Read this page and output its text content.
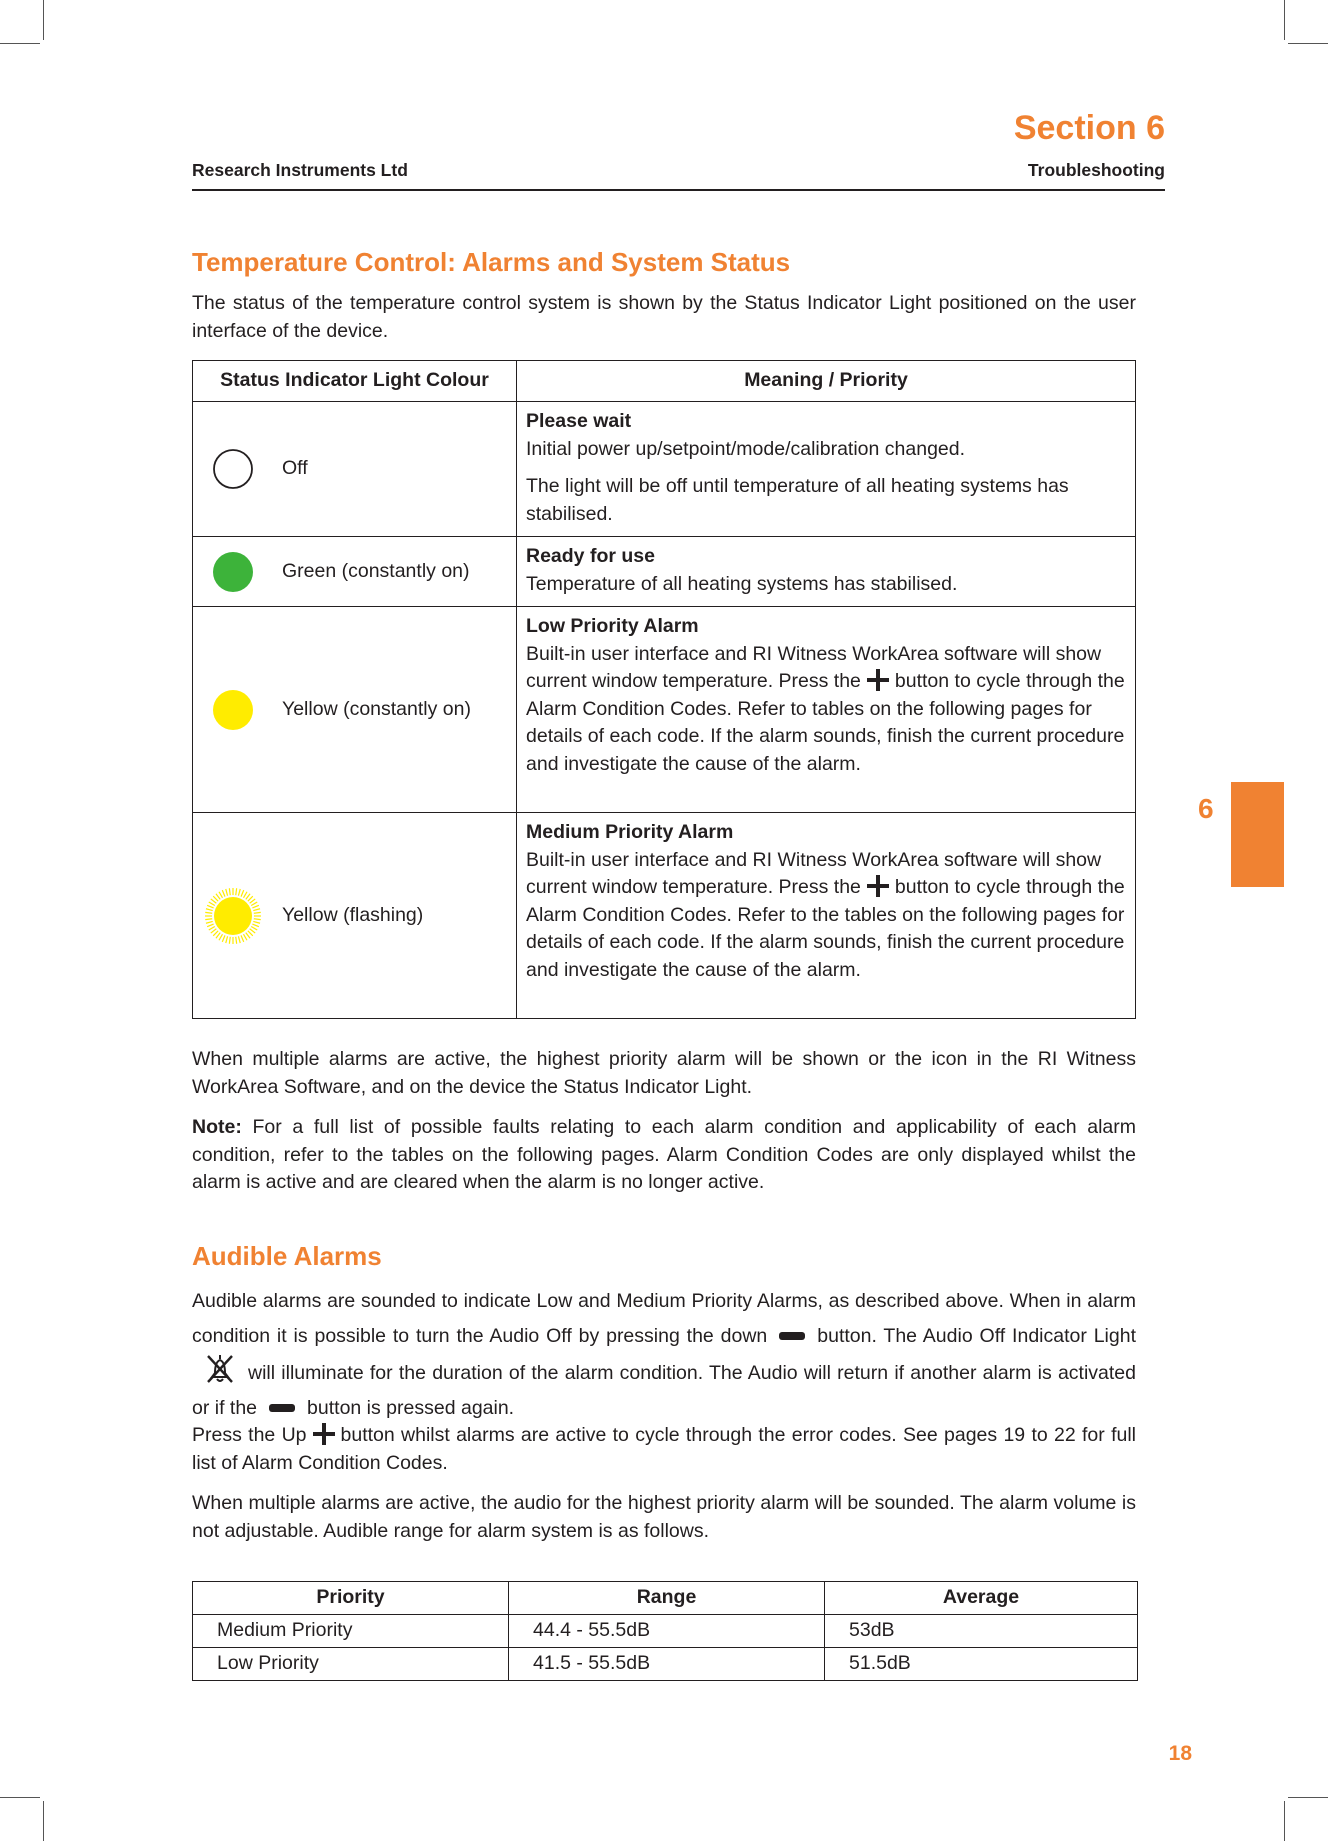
Research Instruments Ltd
Section 6
Troubleshooting
Temperature Control: Alarms and System Status
The status of the temperature control system is shown by the Status Indicator Light positioned on the user interface of the device.
Status Indicator Light Colour	Meaning / Priority

Off	Please wait
Initial power up/setpoint/mode/calibration changed.
The light will be off until temperature of all heating systems has stabilised.

Green (constantly on)	Ready for use
Temperature of all heating systems has stabilised.

Yellow (constantly on)	Low Priority Alarm
Built-in user interface and RI Witness WorkArea software will show current window temperature. Press the button to cycle through the Alarm Condition Codes. Refer to tables on the following pages for details of each code. If the alarm sounds, finish the current procedure and investigate the cause of the alarm.

Yellow (flashing)	Medium Priority Alarm
Built-in user interface and RI Witness WorkArea software will show current window temperature. Press the button to cycle through the Alarm Condition Codes. Refer to the tables on the following pages for details of each code. If the alarm sounds, finish the current procedure and investigate the cause of the alarm.
When multiple alarms are active, the highest priority alarm will be shown or the icon in the RI Witness WorkArea Software, and on the device the Status Indicator Light.
Note: For a full list of possible faults relating to each alarm condition and applicability of each alarm condition, refer to the tables on the following pages. Alarm Condition Codes are only displayed whilst the alarm is active and are cleared when the alarm is no longer active.
Audible Alarms
Audible alarms are sounded to indicate Low and Medium Priority Alarms, as described above. When in alarm condition it is possible to turn the Audio Off by pressing the down	button. The Audio Off Indicator Lightwill illuminate for the duration of the alarm condition. The Audio will return if another alarm is activated or if the	button is pressed again.
Press the Up button whilst alarms are active to cycle through the error codes. See pages 19 to 22 for full list of Alarm Condition Codes.
When multiple alarms are active, the audio for the highest priority alarm will be sounded. The alarm volume is not adjustable. Audible range for alarm system is as follows.
Priority	Range	Average
Medium Priority	44.4 - 55.5dB	53dB
Low Priority	41.5 - 55.5dB	51.5dB
6
18
